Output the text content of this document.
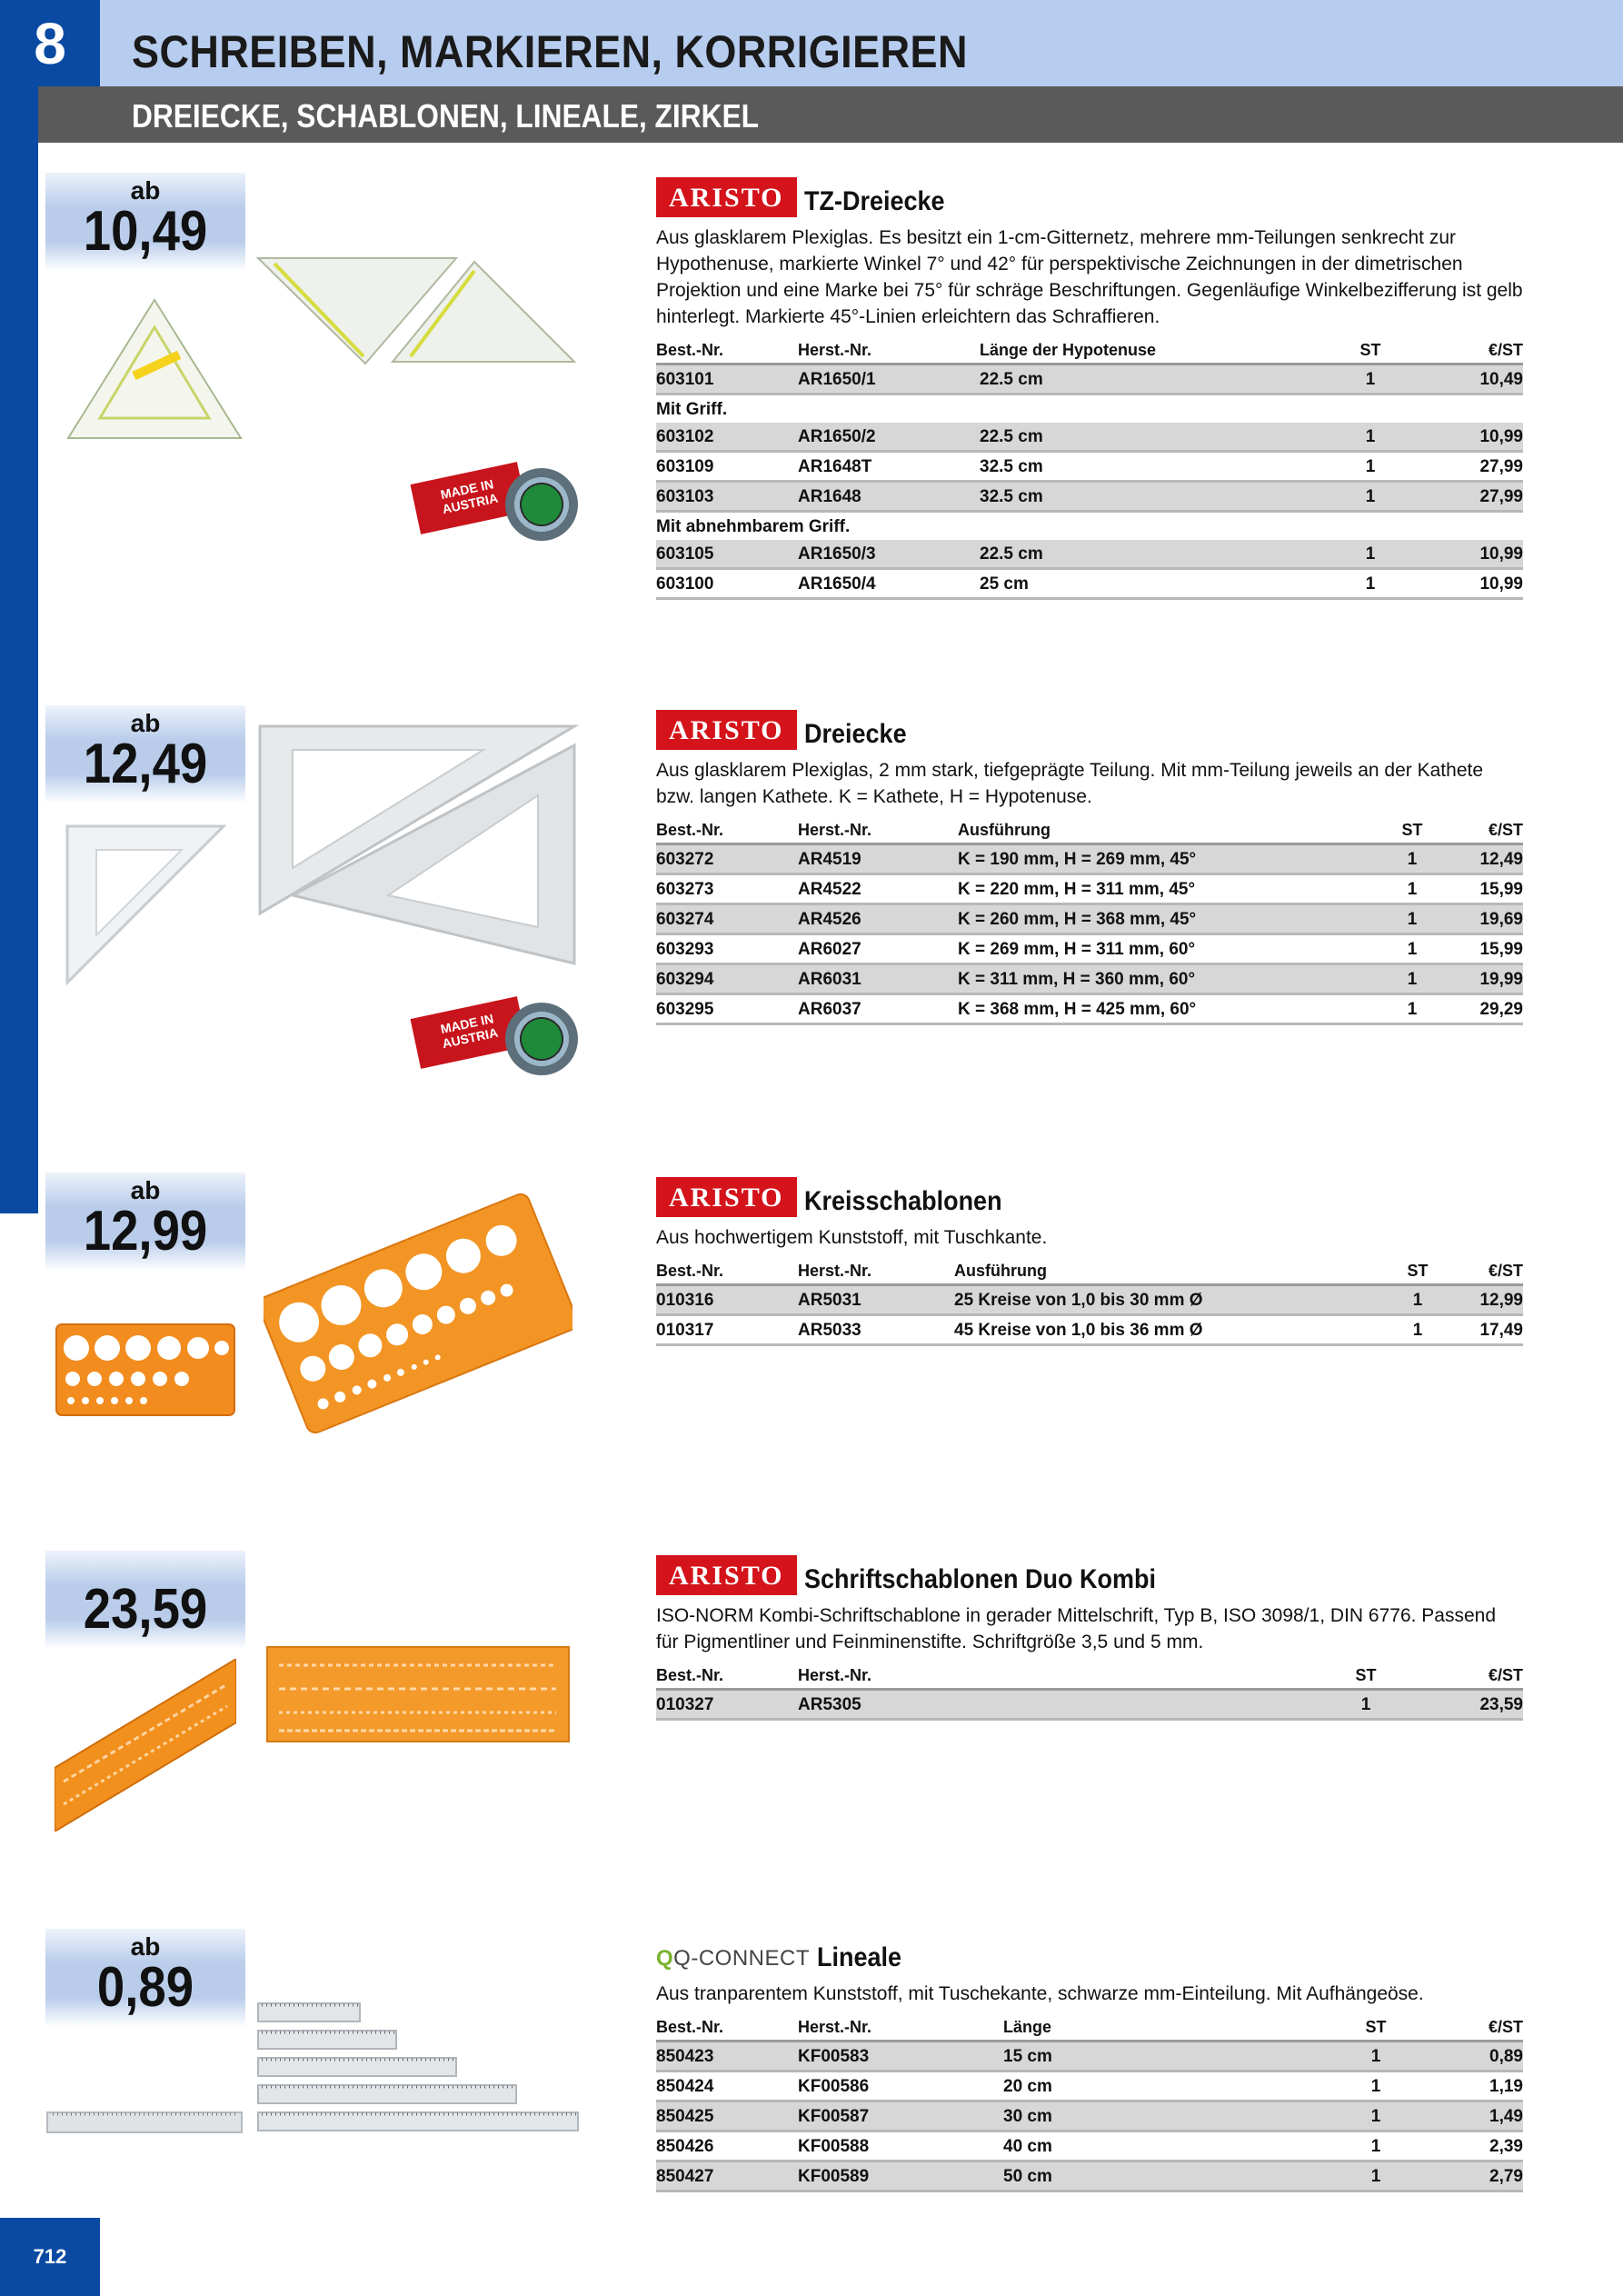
8	SCHREIBEN, MARKIEREN, KORRIGIEREN
DREIECKE, SCHABLONEN, LINEALE, ZIRKEL
712
ab
10,49
ab
12,49
ab
12,99
23,59
ab
0,89
MADE IN AUSTRIA
MADE IN AUSTRIA
ARISTO TZ-Dreiecke
Aus glasklarem Plexiglas. Es besitzt ein 1-cm-Gitternetz, mehrere mm-Teilungen senkrecht zur Hypothenuse, markierte Winkel 7° und 42° für perspektivische Zeichnungen in der dimetrischen Projektion und eine Marke bei 75° für schräge Beschriftungen. Gegenläufige Winkelbezifferung ist gelb hinterlegt. Markierte 45°-Linien erleichtern das Schraffieren.
Best.-Nr.	Herst.-Nr.	Länge der Hypotenuse	ST	€/ST
603101	AR1650/1	22.5 cm	1	10,49
Mit Griff.				
603102	AR1650/2	22.5 cm	1	10,99
603109	AR1648T	32.5 cm	1	27,99
603103	AR1648	32.5 cm	1	27,99
Mit abnehmbarem Griff.				
603105	AR1650/3	22.5 cm	1	10,99
603100	AR1650/4	25 cm	1	10,99
ARISTO Dreiecke
Aus glasklarem Plexiglas, 2 mm stark, tiefgeprägte Teilung. Mit mm-Teilung jeweils an der Kathete bzw. langen Kathete. K = Kathete, H = Hypotenuse.
Best.-Nr.	Herst.-Nr.	Ausführung	ST	€/ST
603272	AR4519	K = 190 mm, H = 269 mm, 45°	1	12,49
603273	AR4522	K = 220 mm, H = 311 mm, 45°	1	15,99
603274	AR4526	K = 260 mm, H = 368 mm, 45°	1	19,69
603293	AR6027	K = 269 mm, H = 311 mm, 60°	1	15,99
603294	AR6031	K = 311 mm, H = 360 mm, 60°	1	19,99
603295	AR6037	K = 368 mm, H = 425 mm, 60°	1	29,29
ARISTO Kreisschablonen
Aus hochwertigem Kunststoff, mit Tuschkante.
Best.-Nr.	Herst.-Nr.	Ausführung	ST	€/ST
010316	AR5031	25 Kreise von 1,0 bis 30 mm Ø	1	12,99
010317	AR5033	45 Kreise von 1,0 bis 36 mm Ø	1	17,49
ARISTO Schriftschablonen Duo Kombi
ISO-NORM Kombi-Schriftschablone in gerader Mittelschrift, Typ B, ISO 3098/1, DIN 6776. Passend für Pigmentliner und Feinminenstifte. Schriftgröße 3,5 und 5 mm.
Best.-Nr.	Herst.-Nr.	ST	€/ST
010327	AR5305	1	23,59
QQ-CONNECT Lineale
Aus tranparentem Kunststoff, mit Tuschekante, schwarze mm-Einteilung. Mit Aufhängeöse.
Best.-Nr.	Herst.-Nr.	Länge	ST	€/ST
850423	KF00583	15 cm	1	0,89
850424	KF00586	20 cm	1	1,19
850425	KF00587	30 cm	1	1,49
850426	KF00588	40 cm	1	2,39
850427	KF00589	50 cm	1	2,79
